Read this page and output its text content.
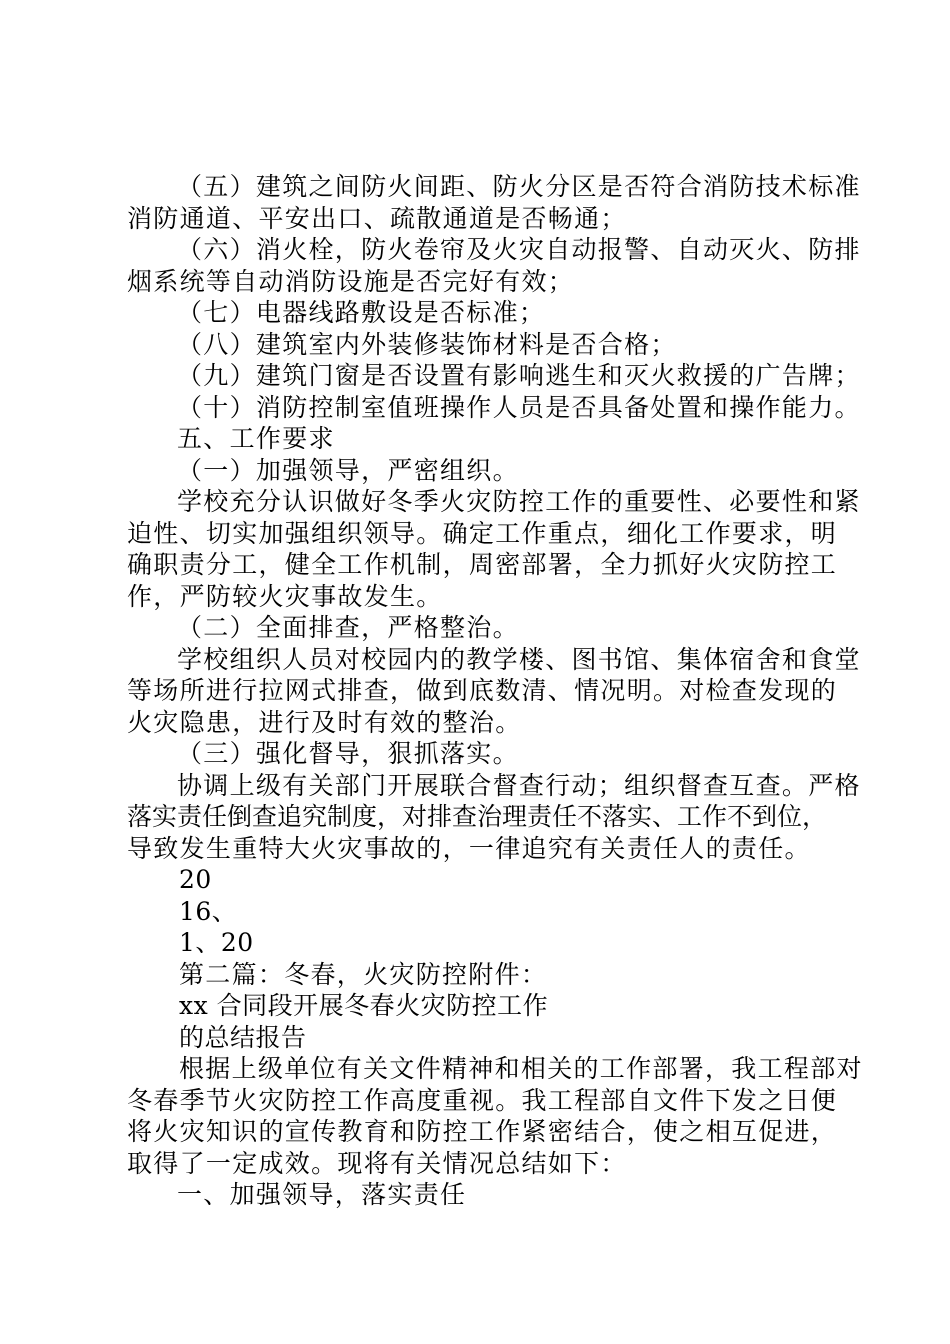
（五）建筑之间防火间距、防火分区是否符合消防技术标准
消防通道、平安出口、疏散通道是否畅通；
（六）消火栓，防火卷帘及火灾自动报警、自动灭火、防排
烟系统等自动消防设施是否完好有效；
（七）电器线路敷设是否标准；
（八）建筑室内外装修装饰材料是否合格；
（九）建筑门窗是否设置有影响逃生和灭火救援的广告牌；
（十）消防控制室值班操作人员是否具备处置和操作能力。
五、工作要求
（一）加强领导，严密组织。
学校充分认识做好冬季火灾防控工作的重要性、必要性和紧
迫性、切实加强组织领导。确定工作重点，细化工作要求，明
确职责分工，健全工作机制，周密部署，全力抓好火灾防控工
作，严防较火灾事故发生。
（二）全面排查，严格整治。
学校组织人员对校园内的教学楼、图书馆、集体宿舍和食堂
等场所进行拉网式排查，做到底数清、情况明。对检查发现的
火灾隐患，进行及时有效的整治。
（三）强化督导，狠抓落实。
协调上级有关部门开展联合督查行动；组织督查互查。严格
落实责任倒查追究制度，对排查治理责任不落实、工作不到位，
导致发生重特大火灾事故的，一律追究有关责任人的责任。
20
16、
1、20
第二篇：冬春，火灾防控附件：
xx 合同段开展冬春火灾防控工作
的总结报告
根据上级单位有关文件精神和相关的工作部署，我工程部对
冬春季节火灾防控工作高度重视。我工程部自文件下发之日便
将火灾知识的宣传教育和防控工作紧密结合，使之相互促进，
取得了一定成效。现将有关情况总结如下：
一、加强领导，落实责任
